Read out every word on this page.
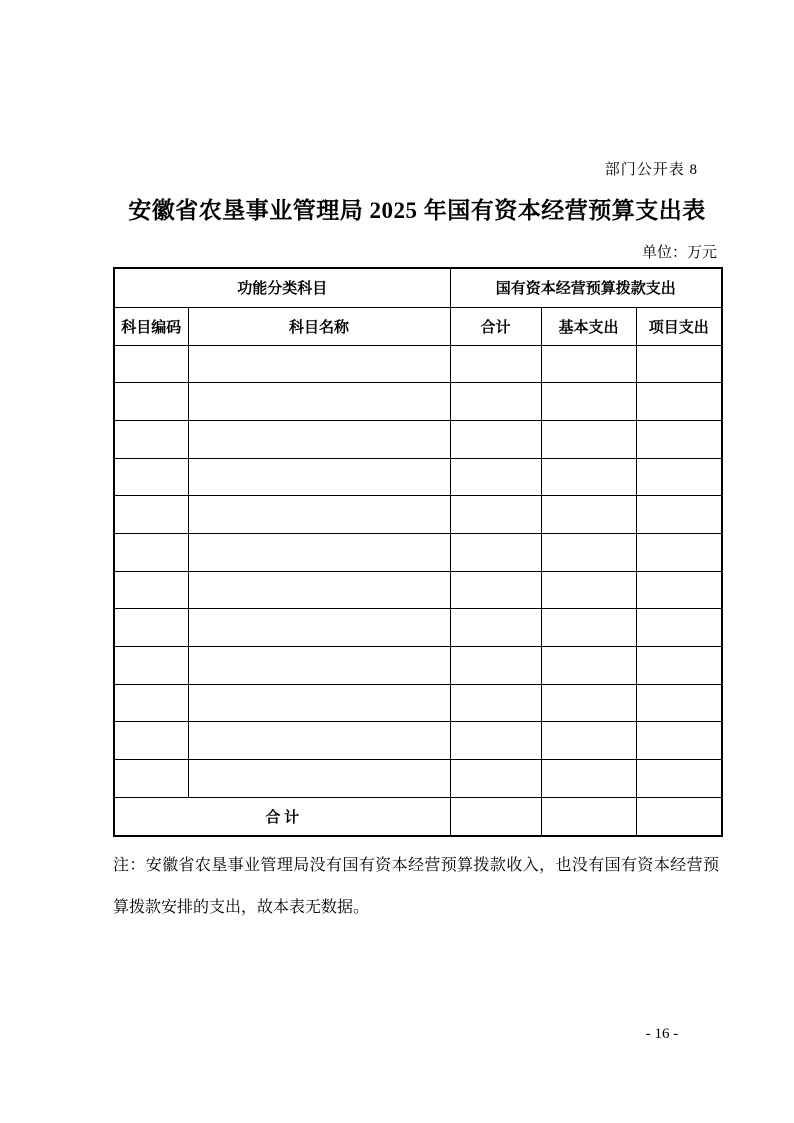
部门公开表 8
安徽省农垦事业管理局 2025 年国有资本经营预算支出表
单位：万元
功能分类科目		国有资本经营预算拨款支出		
科目编码	科目名称	合计	基本支出	项目支出

合 计				
注：安徽省农垦事业管理局没有国有资本经营预算拨款收入，也没有国有资本经营预
算拨款安排的支出，故本表无数据。
- 16 -
